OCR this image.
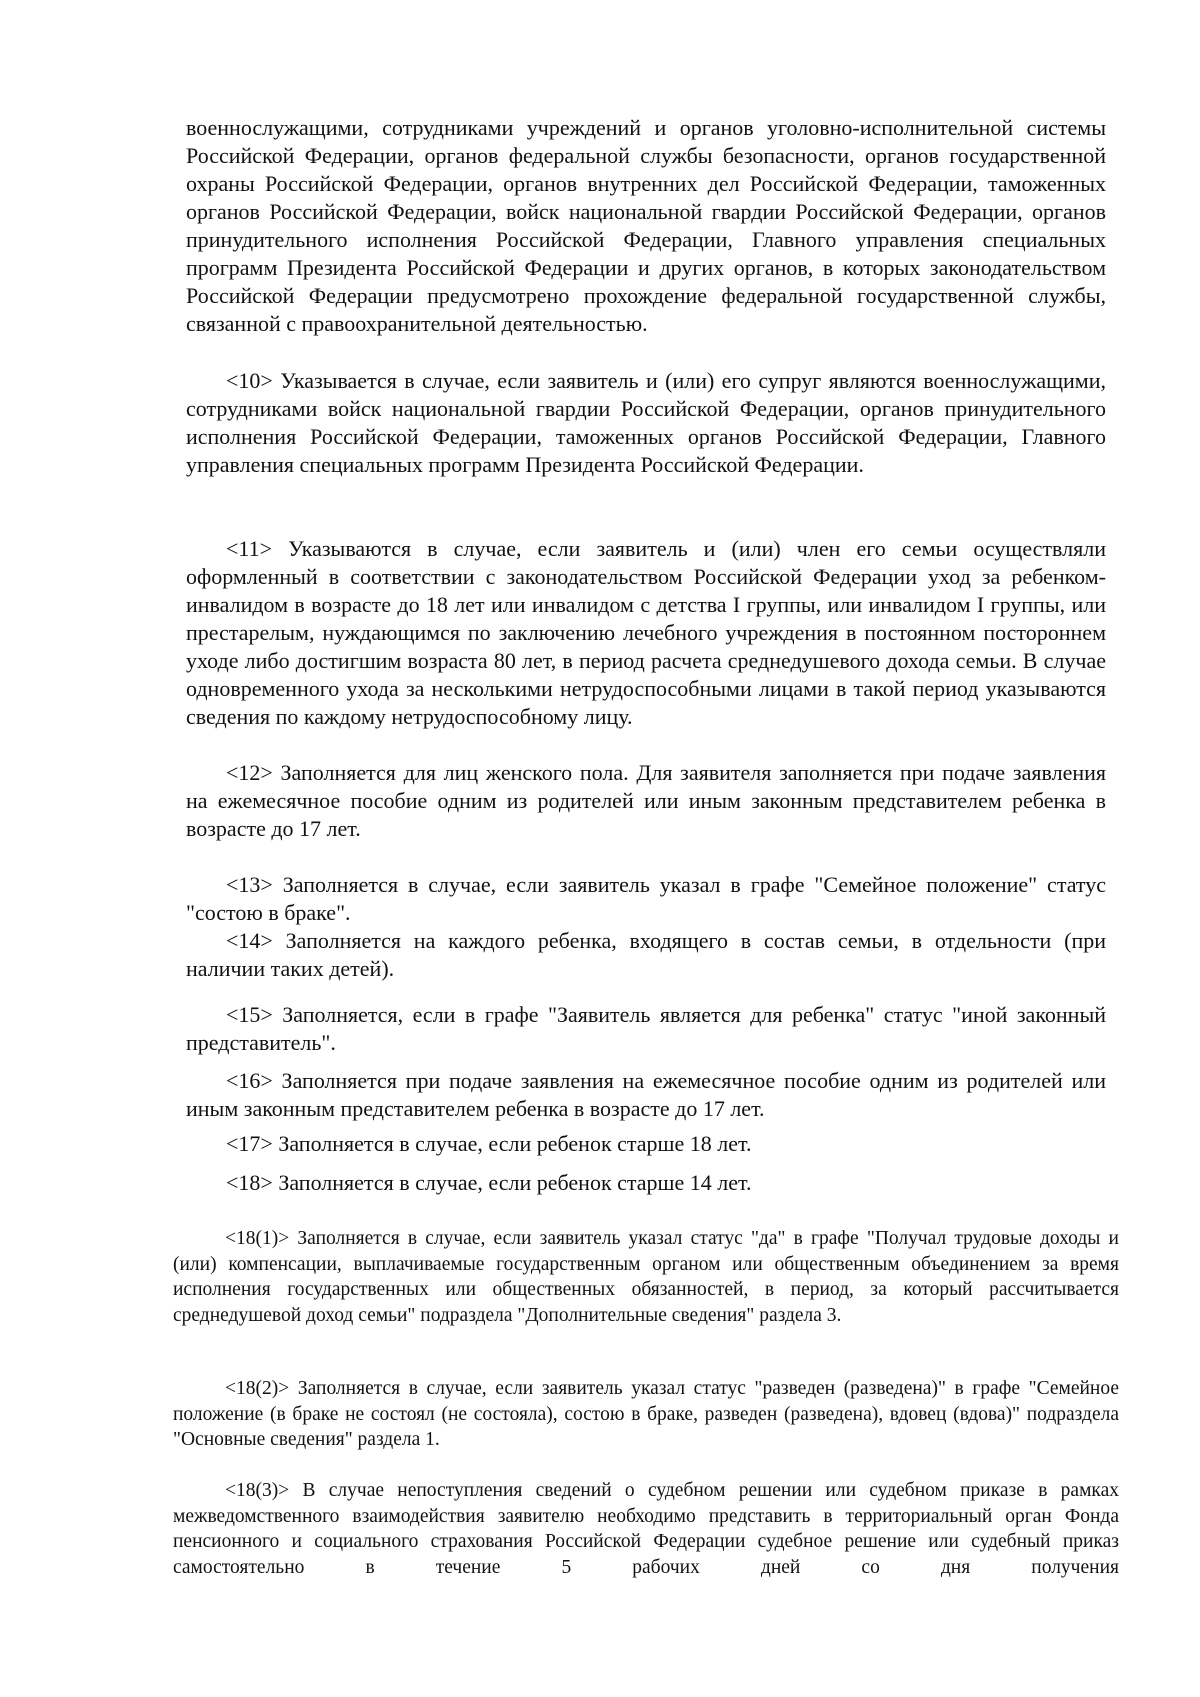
военнослужащими, сотрудниками учреждений и органов уголовно-исполнительной системы Российской Федерации, органов федеральной службы безопасности, органов государственной охраны Российской Федерации, органов внутренних дел Российской Федерации, таможенных органов Российской Федерации, войск национальной гвардии Российской Федерации, органов принудительного исполнения Российской Федерации, Главного управления специальных программ Президента Российской Федерации и других органов, в которых законодательством Российской Федерации предусмотрено прохождение федеральной государственной службы, связанной с правоохранительной деятельностью.

<10> Указывается в случае, если заявитель и (или) его супруг являются военнослужащими, сотрудниками войск национальной гвардии Российской Федерации, органов принудительного исполнения Российской Федерации, таможенных органов Российской Федерации, Главного управления специальных программ Президента Российской Федерации.

<11> Указываются в случае, если заявитель и (или) член его семьи осуществляли оформленный в соответствии с законодательством Российской Федерации уход за ребенком-инвалидом в возрасте до 18 лет или инвалидом с детства I группы, или инвалидом I группы, или престарелым, нуждающимся по заключению лечебного учреждения в постоянном постороннем уходе либо достигшим возраста 80 лет, в период расчета среднедушевого дохода семьи. В случае одновременного ухода за несколькими нетрудоспособными лицами в такой период указываются сведения по каждому нетрудоспособному лицу.

<12> Заполняется для лиц женского пола. Для заявителя заполняется при подаче заявления на ежемесячное пособие одним из родителей или иным законным представителем ребенка в возрасте до 17 лет.

<13> Заполняется в случае, если заявитель указал в графе "Семейное положение" статус "состою в браке".

<14> Заполняется на каждого ребенка, входящего в состав семьи, в отдельности (при наличии таких детей).

<15> Заполняется, если в графе "Заявитель является для ребенка" статус "иной законный представитель".

<16> Заполняется при подаче заявления на ежемесячное пособие одним из родителей или иным законным представителем ребенка в возрасте до 17 лет.

<17> Заполняется в случае, если ребенок старше 18 лет.

<18> Заполняется в случае, если ребенок старше 14 лет.

<18(1)> Заполняется в случае, если заявитель указал статус "да" в графе "Получал трудовые доходы и (или) компенсации, выплачиваемые государственным органом или общественным объединением за время исполнения государственных или общественных обязанностей, в период, за который рассчитывается среднедушевой доход семьи" подраздела "Дополнительные сведения" раздела 3.

<18(2)> Заполняется в случае, если заявитель указал статус "разведен (разведена)" в графе "Семейное положение (в браке не состоял (не состояла), состою в браке, разведен (разведена), вдовец (вдова)" подраздела "Основные сведения" раздела 1.

<18(3)> В случае непоступления сведений о судебном решении или судебном приказе в рамках межведомственного взаимодействия заявителю необходимо представить в территориальный орган Фонда пенсионного и социального страхования Российской Федерации судебное решение или судебный приказ самостоятельно в течение 5 рабочих дней со дня получения
